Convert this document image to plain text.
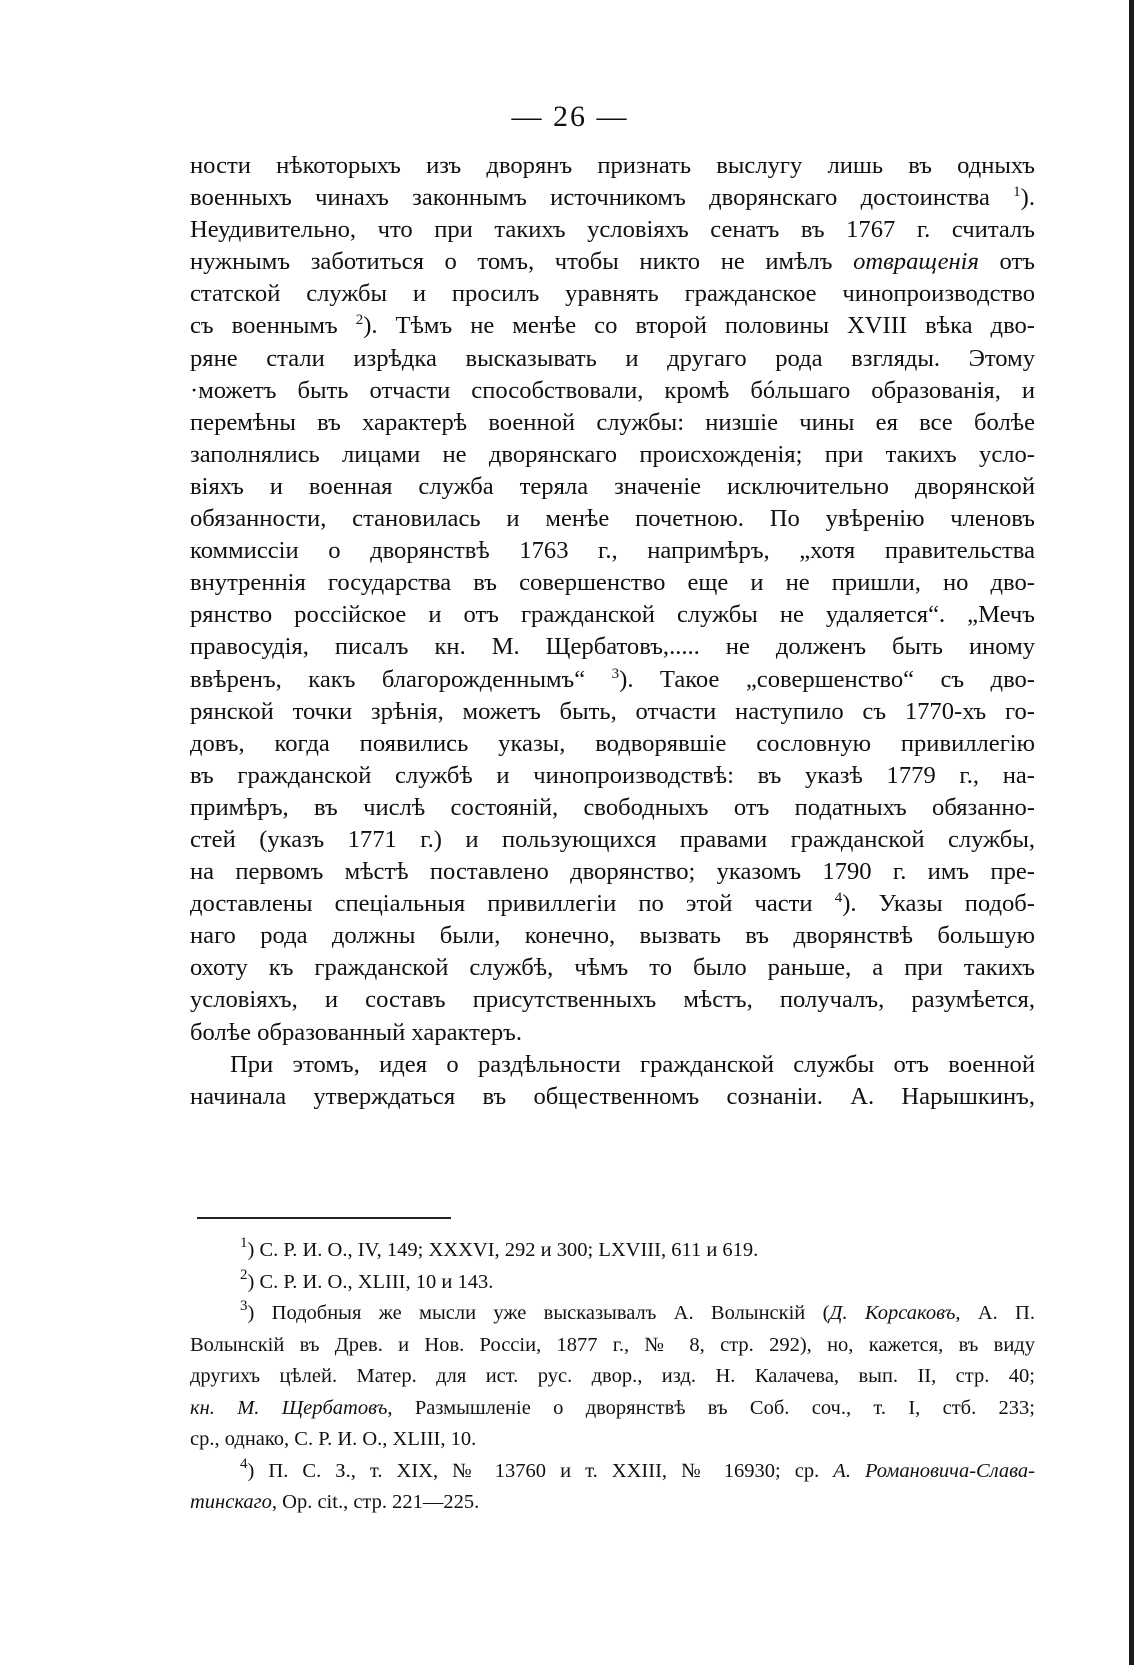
— 26 —
ности нѣкоторыхъ изъ дворянъ признать выслугу лишь въ одныхъ
военныхъ чинахъ законнымъ источникомъ дворянскаго достоинства $^1$).
Неудивительно, что при такихъ условіяхъ сенатъ въ 1767 г. считалъ
нужнымъ заботиться о томъ, чтобы никто не имѣлъ отвращенія отъ
статской службы и просилъ уравнять гражданское чинопроизводство
съ военнымъ $^2$). Тѣмъ не менѣе со второй половины XVIII вѣка дво-
ряне стали изрѣдка высказывать и другаго рода взгляды. Этому
·можетъ быть отчасти способствовали, кромѣ бóльшаго образованія, и
перемѣны въ характерѣ военной службы: низшіе чины ея все болѣе
заполнялись лицами не дворянскаго происхожденія; при такихъ усло-
віяхъ и военная служба теряла значеніе исключительно дворянской
обязанности, становилась и менѣе почетною. По увѣренію членовъ
коммиссіи о дворянствѣ 1763 г., напримѣръ, „хотя правительства
внутреннія государства въ совершенство еще и не пришли, но дво-
рянство россійское и отъ гражданской службы не удаляется“. „Мечъ
правосудія, писалъ кн. М. Щербатовъ,..... не долженъ быть иному
ввѣренъ, какъ благорожденнымъ“ $^3$). Такое „совершенство“ съ дво-
рянской точки зрѣнія, можетъ быть, отчасти наступило съ 1770-хъ го-
довъ, когда появились указы, водворявшіе сословную привиллегію
въ гражданской службѣ и чинопроизводствѣ: въ указѣ 1779 г., на-
примѣръ, въ числѣ состояній, свободныхъ отъ податныхъ обязанно-
стей (указъ 1771 г.) и пользующихся правами гражданской службы,
на первомъ мѣстѣ поставлено дворянство; указомъ 1790 г. имъ пре-
доставлены спеціальныя привиллегіи по этой части $^4$). Указы подоб-
наго рода должны были, конечно, вызвать въ дворянствѣ большую
охоту къ гражданской службѣ, чѣмъ то было раньше, а при такихъ
условіяхъ, и составъ присутственныхъ мѣстъ, получалъ, разумѣется,
болѣе образованный характеръ.
При этомъ, идея о раздѣльности гражданской службы отъ военной
начинала утверждаться въ общественномъ сознаніи. А. Нарышкинъ,
$^1$) С. Р. И. О., IV, 149; XXXVI, 292 и 300; LXVIII, 611 и 619.
$^2$) С. Р. И. О., XLIII, 10 и 143.
$^3$) Подобныя же мысли уже высказывалъ А. Волынскій (Д. Корсаковъ, А. П.
Волынскій въ Древ. и Нов. Россіи, 1877 г., № 8, стр. 292), но, кажется, въ виду
другихъ цѣлей. Матер. для ист. рус. двор., изд. Н. Калачева, вып. II, стр. 40;
кн. М. Щербатовъ, Размышленіе о дворянствѣ въ Соб. соч., т. I, стб. 233;
ср., однако, С. Р. И. О., XLIII, 10.
$^4$) П. С. З., т. XIX, № 13760 и т. XXIII, № 16930; ср. А. Романовича-Слава-
тинскаго, Op. cit., стр. 221—225.
